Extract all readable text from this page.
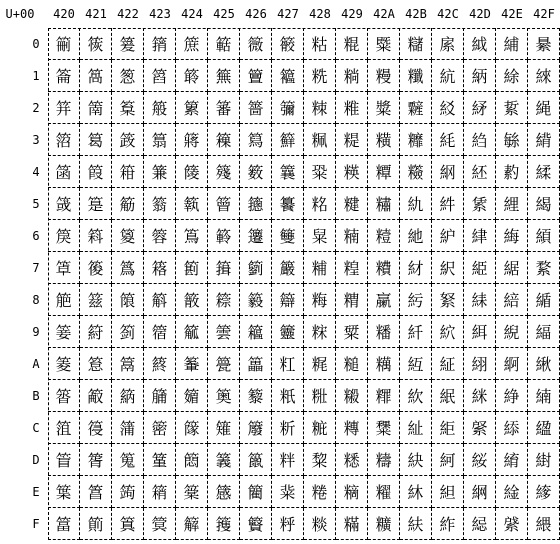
U+00	420 421 422 423 424 425 426 427 428 429 42A 42B 42C 42D 42E 42F
0 䈀 䈐 䈠 䈰 䉀 䉐 䉠 䉰 䊀 䊐 䊠 䊰 䋀 䋐 䋠 䋰
1 䈁 䈑 䈡 䈱 䉁 䉑 䉡 䉱 䊁 䊑 䊡 䊱 䋁 䋑 䋡 䋱
2 䈂 䈒 䈢 䈲 䉂 䉒 䉢 䉲 䊂 䊒 䊢 䊲 䋂 䋒 䋢 䋲
3 䈃 䈓 䈣 䈳 䉃 䉓 䉣 䉳 䊃 䊓 䊣 䊳 䋃 䋓 䋣 䋳
4 䈄 䈔 䈤 䈴 䉄 䉔 䉤 䉴 䊄 䊔 䊤 䊴 䋄 䋔 䋤 䋴
5 䈅 䈕 䈥 䈵 䉅 䉕 䉥 䉵 䊅 䊕 䊥 䊵 䋅 䋕 䋥 䋵
6 䈆 䈖 䈦 䈶 䉆 䉖 䉦 䉶 䊆 䊖 䊦 䊶 䋆 䋖 䋦 䋶
7 䈇 䈗 䈧 䈷 䉇 䉗 䉧 䉷 䊇 䊗 䊧 䊷 䋇 䋗 䋧 䋷
8 䈈 䈘 䈨 䈸 䉈 䉘 䉨 䉸 䊈 䊘 䊨 䊸 䋈 䋘 䋨 䋸
9 䈉 䈙 䈩 䈹 䉉 䉙 䉩 䉹 䊉 䊙 䊩 䊹 䋉 䋙 䋩 䋹
A 䈊 䈚 䈪 䈺 䉊 䉚 䉪 䉺 䊊 䊚 䊪 䊺 䋊 䋚 䋪 䋺
B 䈋 䈛 䈫 䈻 䉋 䉛 䉫 䉻 䊋 䊛 䊫 䊻 䋋 䋛 䋫 䋻
C 䈌 䈜 䈬 䈼 䉌 䉜 䉬 䉼 䊌 䊜 䊬 䊼 䋌 䋜 䋬 䋼
D 䈍 䈝 䈭 䈽 䉍 䉝 䉭 䉽 䊍 䊝 䊭 䊽 䋍 䋝 䋭 䋽
E 䈎 䈞 䈮 䈾 䉎 䉞 䉮 䉾 䊎 䊞 䊮 䊾 䋎 䋞 䋮 䋾
F 䈏 䈟 䈯 䈿 䉏 䉟 䉯 䉿 䊏 䊟 䊯 䊿 䋏 䋟 䋯 䋿
